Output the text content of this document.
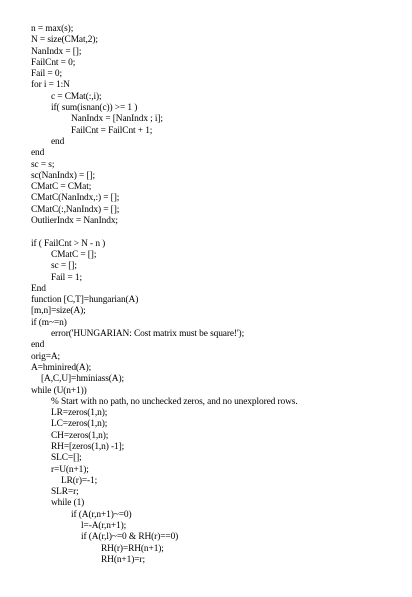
n = max(s);
N = size(CMat,2);
NanIndx = [];
FailCnt = 0;
Fail = 0;
for i = 1:N
c = CMat(:,i);
if( sum(isnan(c)) >= 1 )
NanIndx = [NanIndx ; i];
FailCnt = FailCnt + 1;
end
end
sc = s;
sc(NanIndx) = [];
CMatC = CMat;
CMatC(NanIndx,:) = [];
CMatC(:,NanIndx) = [];
OutlierIndx = NanIndx;
if ( FailCnt > N - n )
CMatC = [];
sc = [];
Fail = 1;
End
function [C,T]=hungarian(A)
[m,n]=size(A);
if (m~=n)
error('HUNGARIAN: Cost matrix must be square!');
end
orig=A;
A=hminired(A);
[A,C,U]=hminiass(A);
while (U(n+1))
% Start with no path, no unchecked zeros, and no unexplored rows.
LR=zeros(1,n);
LC=zeros(1,n);
CH=zeros(1,n);
RH=[zeros(1,n) -1];
SLC=[];
r=U(n+1);
LR(r)=-1;
SLR=r;
while (1)
if (A(r,n+1)~=0)
l=-A(r,n+1);
if (A(r,l)~=0 & RH(r)==0)
RH(r)=RH(n+1);
RH(n+1)=r;
